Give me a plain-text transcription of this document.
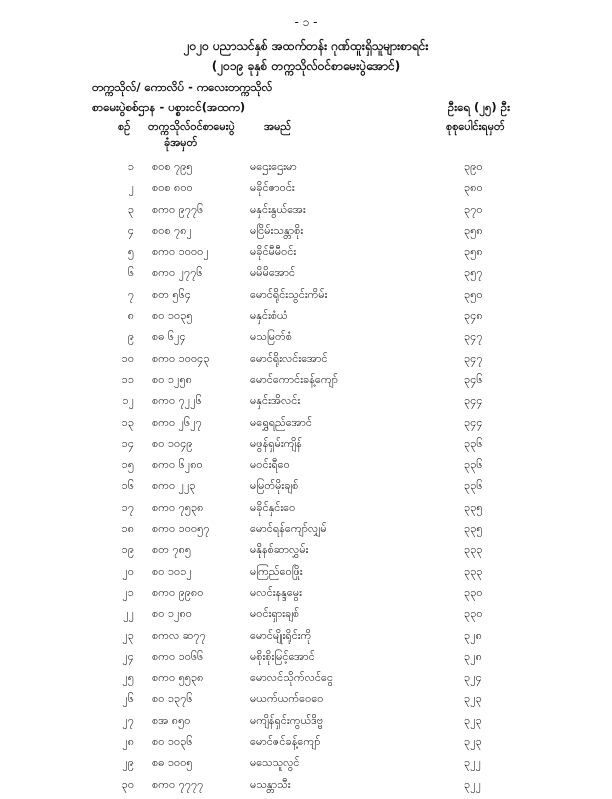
- ၁ -
၂၀၂၀ ပညာသင်နှစ် အထက်တန်း ဂုဏ်ထူးရှိသူများစာရင်း
(၂၀၁၉ ခုနှစ် တက္ကသိုလ်ဝင်စာမေးပွဲအောင်)
တက္ကသိုလ်/ ကောလိပ် - ကလေးတက္ကသိုလ်
စာမေးပွဲစစ်ဌာန - ပစ္စားငင်(အထက)	ဦးရေ (၂၅) ဦး
စဉ် တက္ကသိုလ်ဝင်စာမေးပွဲ
ခုံအမှတ်
အမည်	စုစုပေါင်းရမှတ်
၁ စဝစ ၇၉၅	မဌေးဌေးမာ	၃၉၀
၂ စဝစ ၈၀၀	မခိုင်ဇာဝင်း	၃၈၀
၃ စကဝ ၉၇၇၆	မနှင်းနွယ်အေး	၃၇၀
၄ စဝစ ၇၈၂	မငြိမ်းသန္တာစိုး	၃၅၈
၅ စကဝ ၁၀၀၀၂	မခိုင်မီမီဝင်း	၃၅၈
၆ စကဝ ၂၇၇၆	မမိမိအောင်	၃၅၇
၇ စတ ၅၆၄	မောင်ရိုင်းသွင်းကိမ်း	၃၅၀
၈ စဝ ၁၀၃၅	မနှင်းစံယံ	၃၄၈
၉ စဓ ၆၂၄	မသမြတ်စံ	၃၄၇
၁၀ စကဝ ၁၀၀၄၃	မောင်ရိုးလင်းအောင်	၃၄၇
၁၁ စဝ ၁၂၅၈	မောင်ကောင်းခန့်ကျော်	၃၄၆
၁၂ စကဝ ၇၂၂၆	မနှင်းအိလင်း	၃၄၄
၁၃ စကဝ ၂၆၂၇	မရွှေရည်အောင်	၃၄၄
၁၄ စဝ ၁၀၄၉	မဖွန်ရှမ်းကျိန်	၃၃၆
၁၅ စကဝ ၆၂၈၀	မဝင်းရီဝေ	၃၃၆
၁၆ စကဝ ၂၂၃	မမြတ်မိုးချစ်	၃၃၆
၁၇ စကဝ ၇၅၃၈	မခိုင်နှင်းဝေ	၃၃၅
၁၈ စကဝ ၁၀၀၅၇	မောင်ရန်ကျော်လျှမ်	၃၃၅
၁၉ စတ ၇၈၅	မနိုနစ်ဆာလွှမ်း	၃၃၃
၂၀ စဝ ၁၀၁၂	မကြည်ဝေဖြိုး	၃၃၃
၂၁ စကဝ ၉၉၈၀	မလင်းနန္ဒမွေး	၃၃၀
၂၂ စဝ ၁၂၈၀	မဝင်းရှားချစ်	၃၃၀
၂၃ စကလ ဆ၇၇	မောင်မျိုးရိုင်းကို	၃၂၈
၂၄ စကဝ ၁၀၆၆	မစိုးစိုးမြင့်အောင်	၃၂၈
၂၅ စကဝ ၅၅၃၈	မောလင်သိုက်လင်ငွေ	၃၂၄
၂၆ စဝ ၁၃၇၆	မယက်ယက်ဝေဝေ	၃၂၃
၂၇ စအ ၈၅၀	မကျိန်ရှင်းကွယ်ဒိဗ္ဗ	၃၂၃
၂၈ စဝ ၁၀၃၆	မောင်ဇင်ခန့်ကျော်	၃၂၃
၂၉ စဓ ၁၀၀၅	မသေသူလွင်	၃၂၂
၃၀ စကဝ ၇၇၇၇	မသန္တာသီး	၃၂၂
